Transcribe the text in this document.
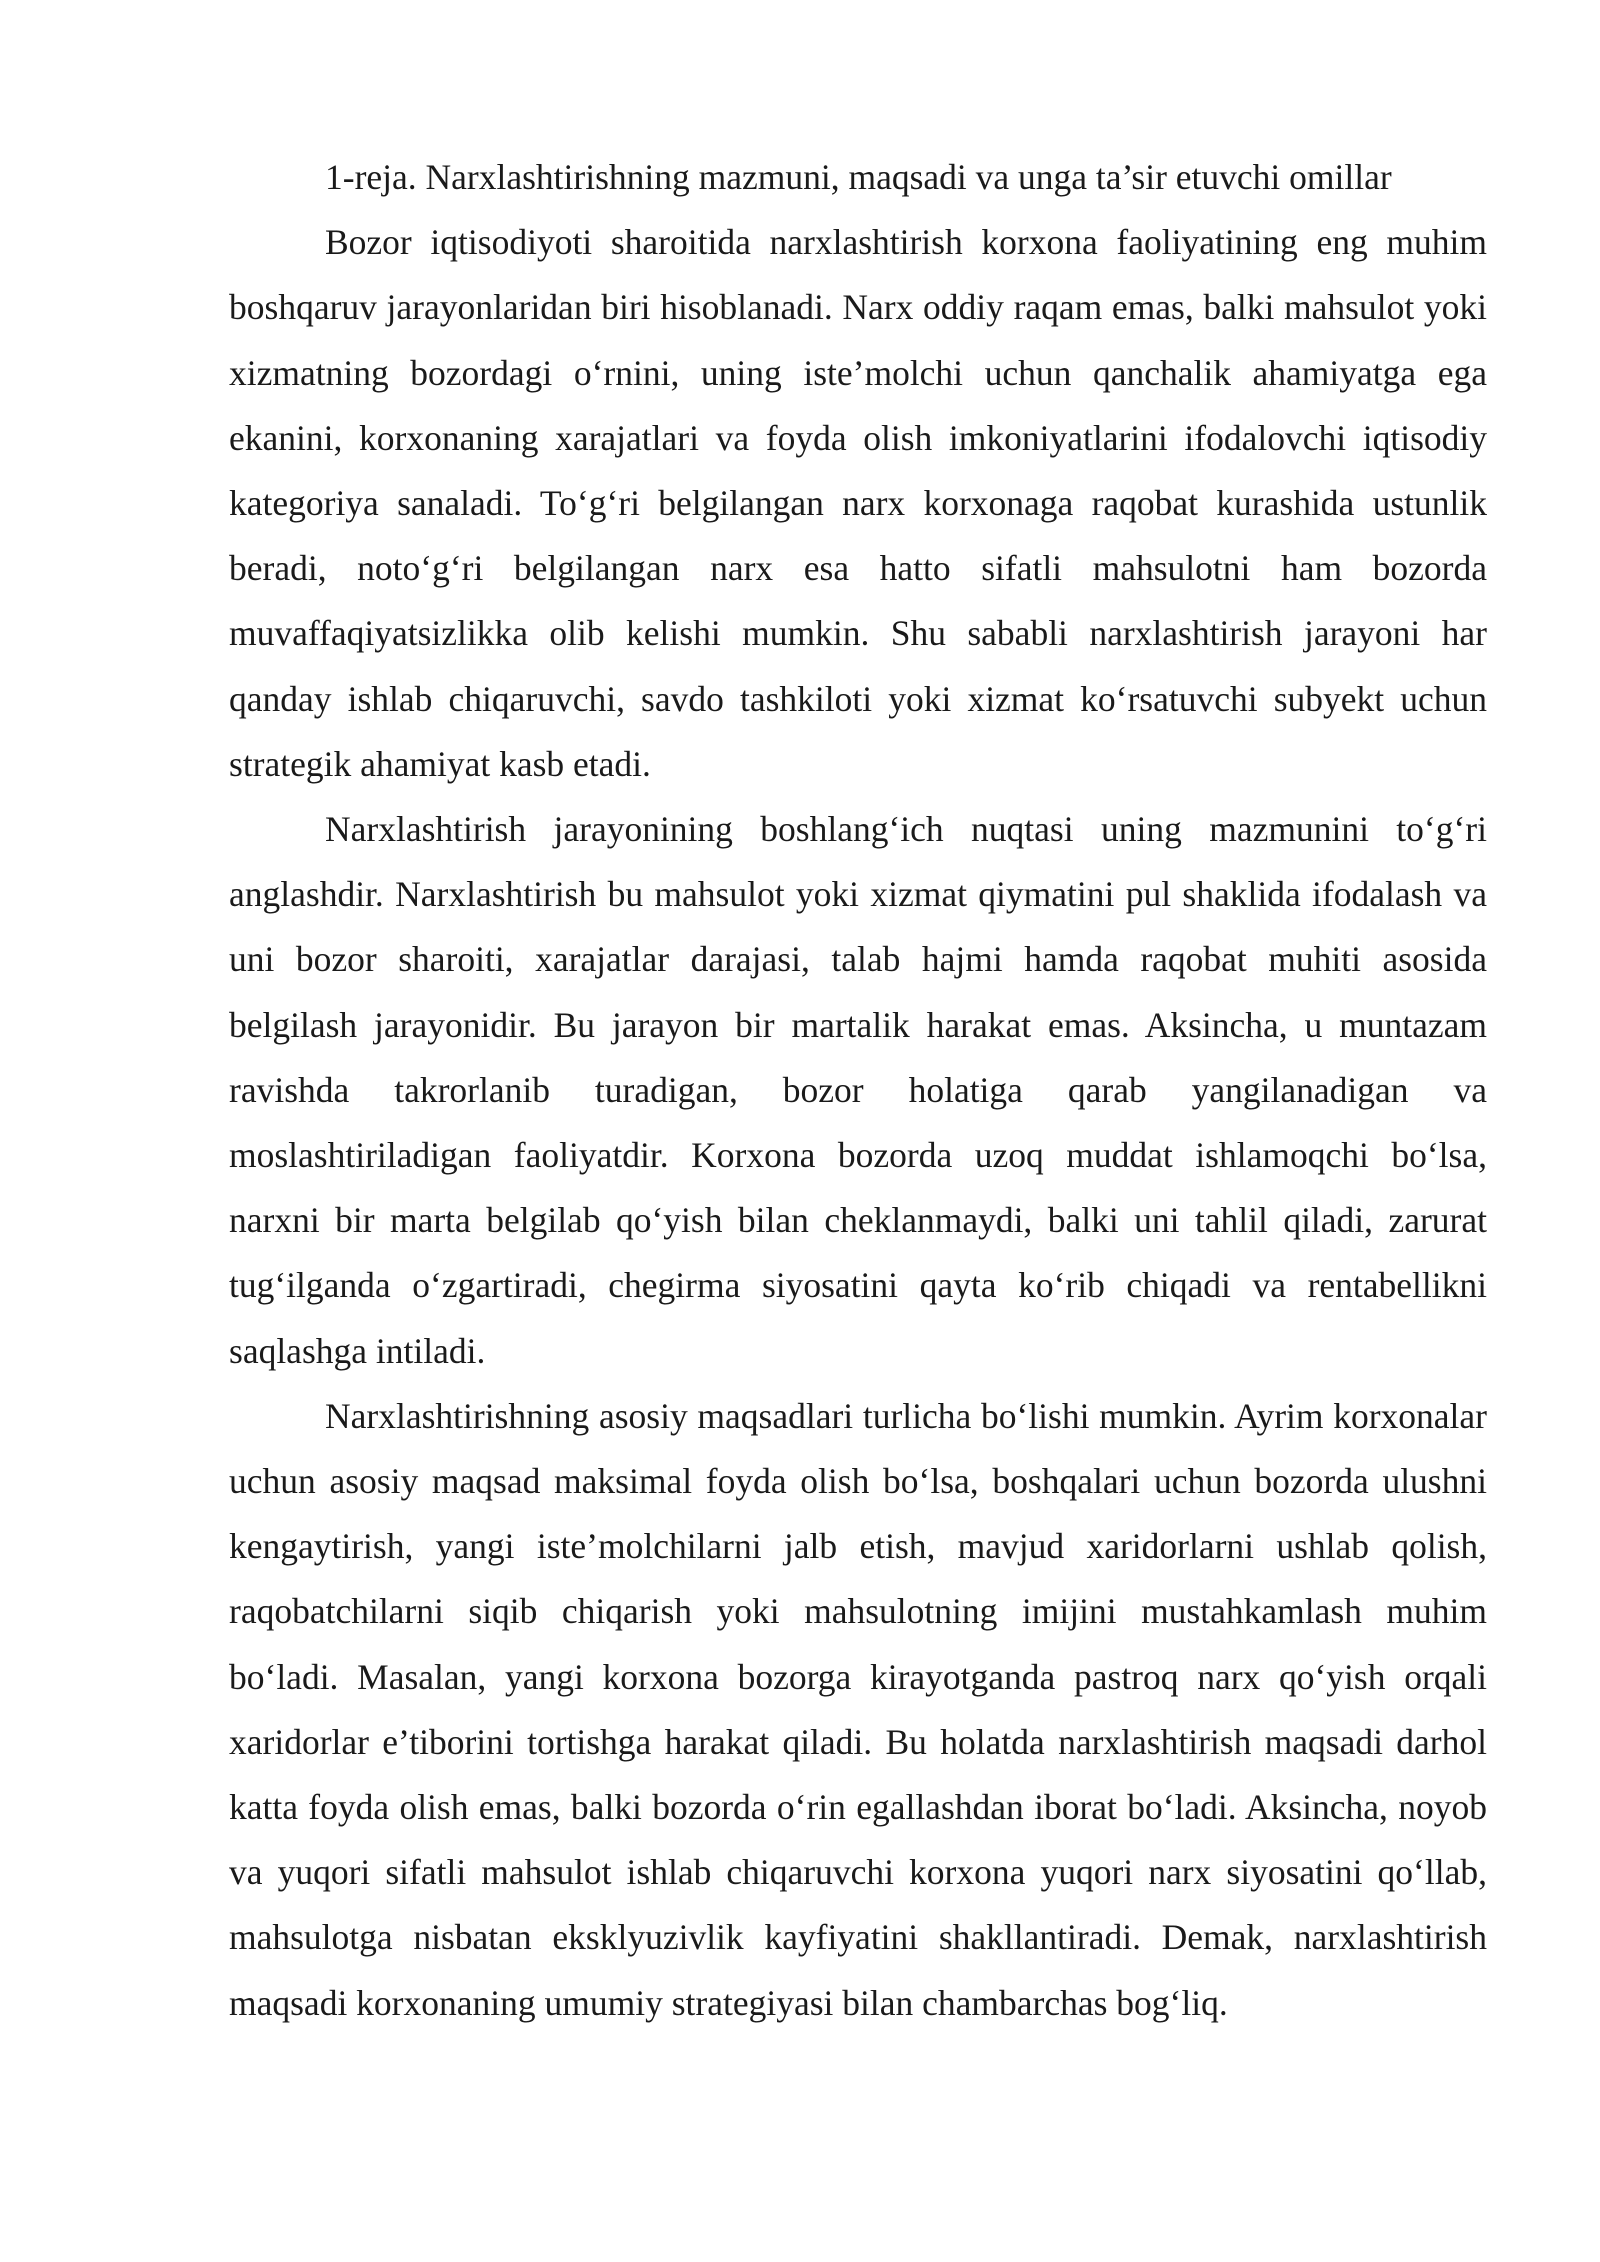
1-reja. Narxlashtirishning mazmuni, maqsadi va unga ta’sir etuvchi omillar

Bozor iqtisodiyoti sharoitida narxlashtirish korxona faoliyatining eng muhim boshqaruv jarayonlaridan biri hisoblanadi. Narx oddiy raqam emas, balki mahsulot yoki xizmatning bozordagi o‘rnini, uning iste’molchi uchun qanchalik ahamiyatga ega ekanini, korxonaning xarajatlari va foyda olish imkoniyatlarini ifodalovchi iqtisodiy kategoriya sanaladi. To‘g‘ri belgilangan narx korxonaga raqobat kurashida ustunlik beradi, noto‘g‘ri belgilangan narx esa hatto sifatli mahsulotni ham bozorda muvaffaqiyatsizlikka olib kelishi mumkin. Shu sababli narxlashtirish jarayoni har qanday ishlab chiqaruvchi, savdo tashkiloti yoki xizmat ko‘rsatuvchi subyekt uchun strategik ahamiyat kasb etadi.

Narxlashtirish jarayonining boshlang‘ich nuqtasi uning mazmunini to‘g‘ri anglashdir. Narxlashtirish bu mahsulot yoki xizmat qiymatini pul shaklida ifodalash va uni bozor sharoiti, xarajatlar darajasi, talab hajmi hamda raqobat muhiti asosida belgilash jarayonidir. Bu jarayon bir martalik harakat emas. Aksincha, u muntazam ravishda takrorlanib turadigan, bozor holatiga qarab yangilanadigan va moslashtiriladigan faoliyatdir. Korxona bozorda uzoq muddat ishlamoqchi bo‘lsa, narxni bir marta belgilab qo‘yish bilan cheklanmaydi, balki uni tahlil qiladi, zarurat tug‘ilganda o‘zgartiradi, chegirma siyosatini qayta ko‘rib chiqadi va rentabellikni saqlashga intiladi.

Narxlashtirishning asosiy maqsadlari turlicha bo‘lishi mumkin. Ayrim korxonalar uchun asosiy maqsad maksimal foyda olish bo‘lsa, boshqalari uchun bozorda ulushni kengaytirish, yangi iste’molchilarni jalb etish, mavjud xaridorlarni ushlab qolish, raqobatchilarni siqib chiqarish yoki mahsulotning imijini mustahkamlash muhim bo‘ladi. Masalan, yangi korxona bozorga kirayotganda pastroq narx qo‘yish orqali xaridorlar e’tiborini tortishga harakat qiladi. Bu holatda narxlashtirish maqsadi darhol katta foyda olish emas, balki bozorda o‘rin egallashdan iborat bo‘ladi. Aksincha, noyob va yuqori sifatli mahsulot ishlab chiqaruvchi korxona yuqori narx siyosatini qo‘llab, mahsulotga nisbatan eksklyuzivlik kayfiyatini shakllantiradi. Demak, narxlashtirish maqsadi korxonaning umumiy strategiyasi bilan chambarchas bog‘liq.
